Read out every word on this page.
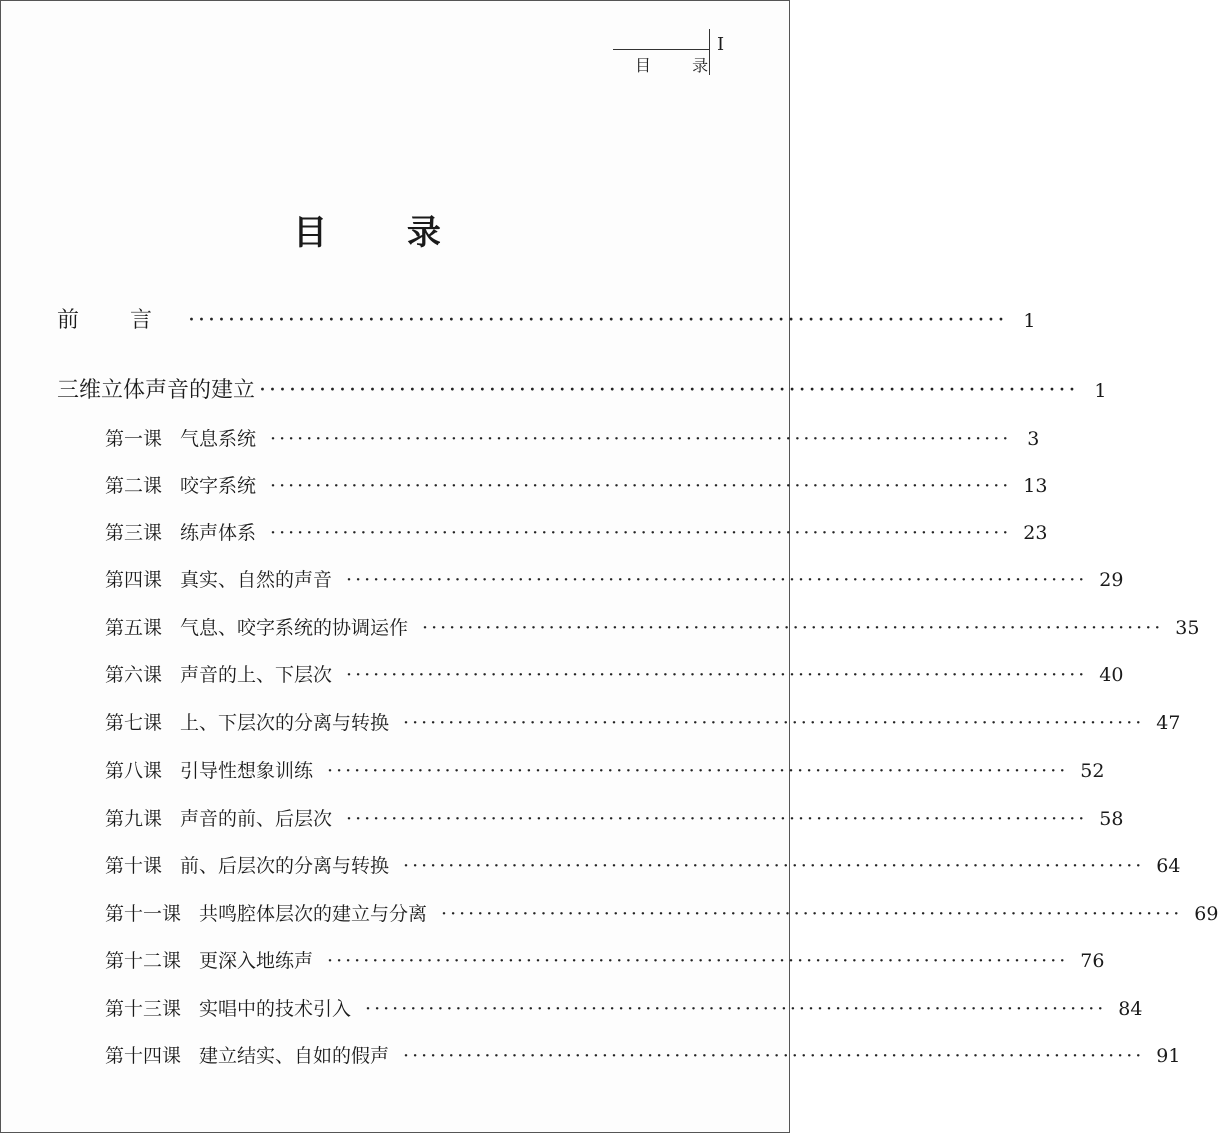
目 录
I
目 录
前 言 ·················································································· 1
三维立体声音的建立 ·················································································· 1
第一课 气息系统 ·················································································· 3
第二课 咬字系统 ·················································································· 13
第三课 练声体系 ·················································································· 23
第四课 真实、自然的声音 ·················································································· 29
第五课 气息、咬字系统的协调运作 ·················································································· 35
第六课 声音的上、下层次 ·················································································· 40
第七课 上、下层次的分离与转换 ·················································································· 47
第八课 引导性想象训练 ·················································································· 52
第九课 声音的前、后层次 ·················································································· 58
第十课 前、后层次的分离与转换 ·················································································· 64
第十一课 共鸣腔体层次的建立与分离 ·················································································· 69
第十二课 更深入地练声 ·················································································· 76
第十三课 实唱中的技术引入 ·················································································· 84
第十四课 建立结实、自如的假声 ·················································································· 91
